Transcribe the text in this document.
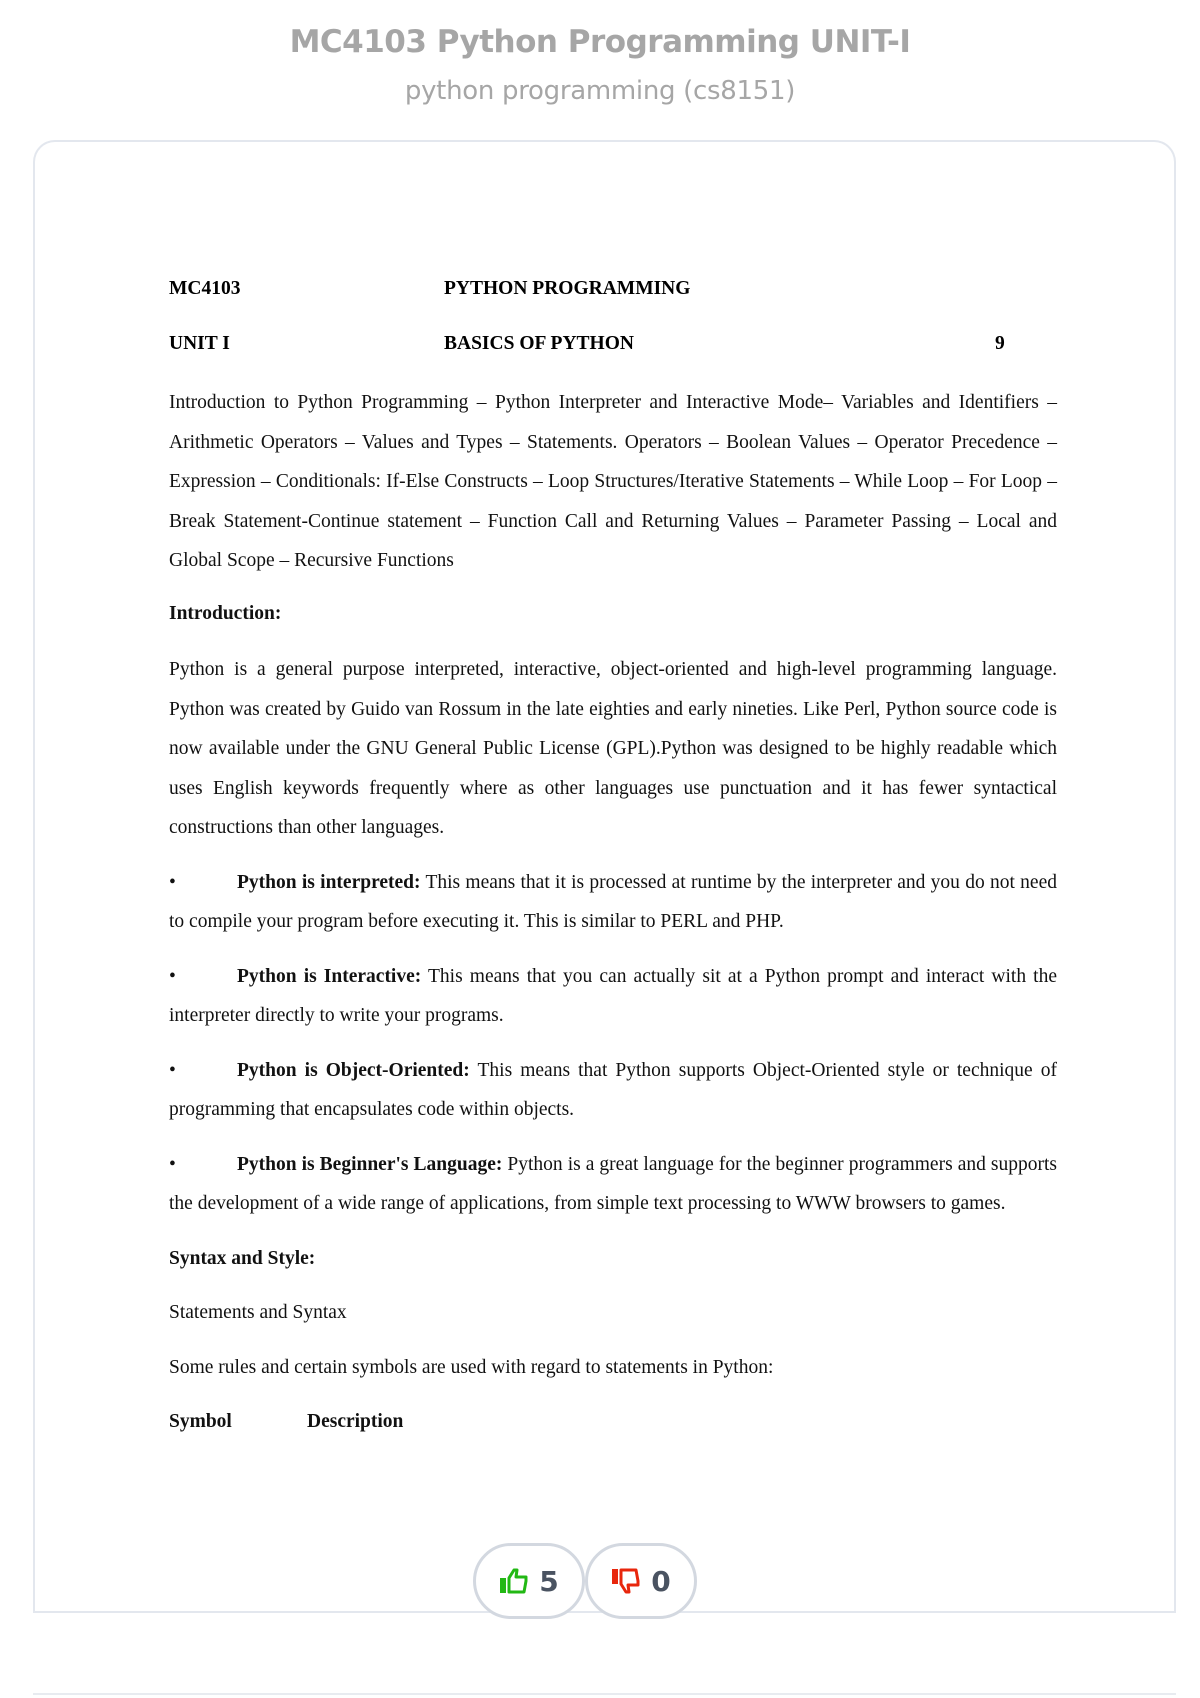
MC4103 Python Programming UNIT-I
python programming (cs8151)
MC4103	PYTHON PROGRAMMING
UNIT I	BASICS OF PYTHON	9

Introduction to Python Programming – Python Interpreter and Interactive Mode– Variables and Identifiers – Arithmetic Operators – Values and Types – Statements. Operators – Boolean Values – Operator Precedence – Expression – Conditionals: If-Else Constructs – Loop Structures/Iterative Statements – While Loop – For Loop – Break Statement-Continue statement – Function Call and Returning Values – Parameter Passing – Local and Global Scope – Recursive Functions

Introduction:

Python is a general purpose interpreted, interactive, object-oriented and high-level programming language. Python was created by Guido van Rossum in the late eighties and early nineties. Like Perl, Python source code is now available under the GNU General Public License (GPL).Python was designed to be highly readable which uses English keywords frequently where as other languages use punctuation and it has fewer syntactical constructions than other languages.

•	Python is interpreted: This means that it is processed at runtime by the interpreter and you do not need to compile your program before executing it. This is similar to PERL and PHP.

•	Python is Interactive: This means that you can actually sit at a Python prompt and interact with the interpreter directly to write your programs.

•	Python is Object-Oriented: This means that Python supports Object-Oriented style or technique of programming that encapsulates code within objects.

•	Python is Beginner's Language: Python is a great language for the beginner programmers and supports the development of a wide range of applications, from simple text processing to WWW browsers to games.

Syntax and Style:

Statements and Syntax

Some rules and certain symbols are used with regard to statements in Python:

Symbol	Description

5	0
